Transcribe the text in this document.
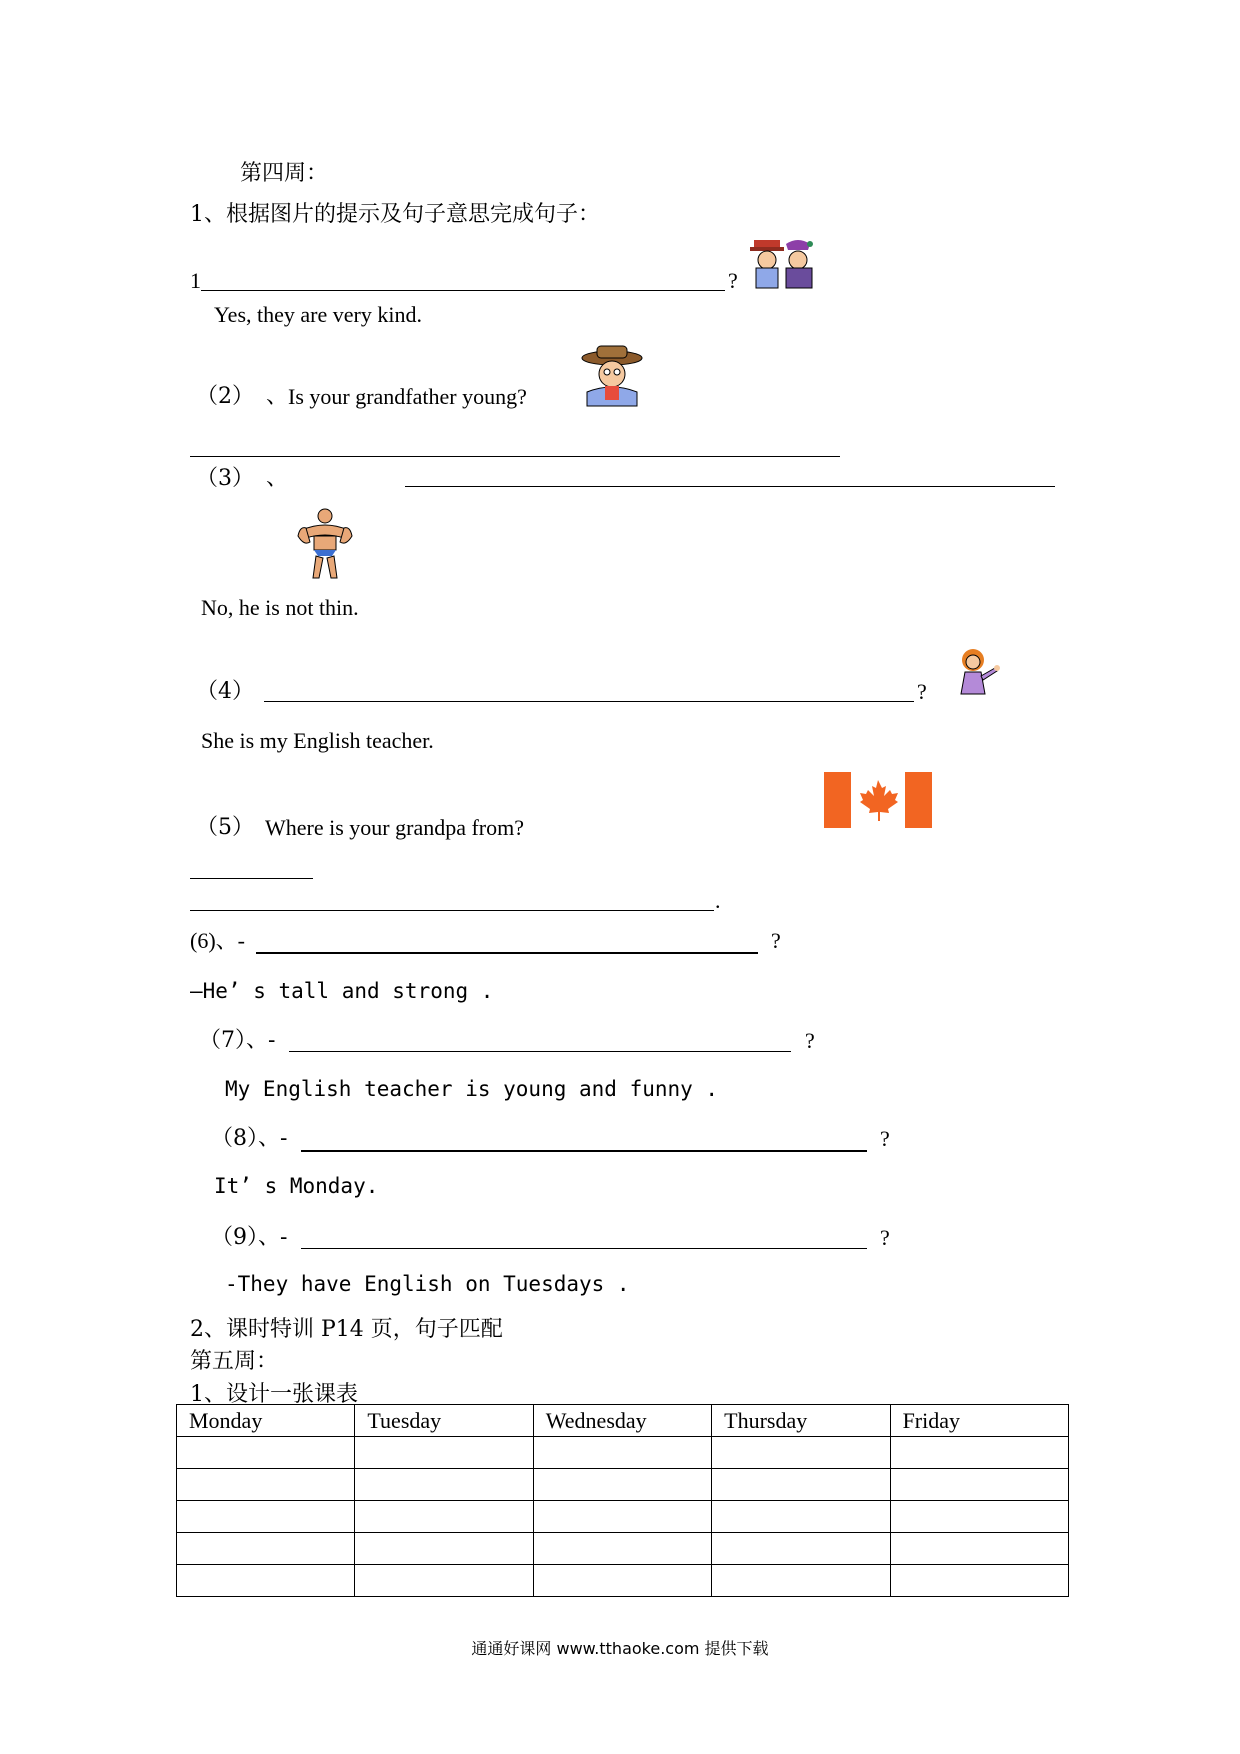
第四周：
1、根据图片的提示及句子意思完成句子：
1	?
Yes, they are very kind.
（2） 、 Is your grandfather young?
（3） 、
No, he is not thin.
（4）	?
She is my English teacher.
（5） Where is your grandpa from?
.
(6)、-	?
—He’ s tall and strong .
（7）、-	?
My English teacher is young and funny .
（8）、-	?
It’ s Monday.
（9）、-	?
-They have English on Tuesdays .
2、课时特训 P14 页，句子匹配
第五周：
1、设计一张课表
Monday	Tuesday	Wednesday	Thursday	Friday

通通好课网 www.tthaoke.com 提供下载
